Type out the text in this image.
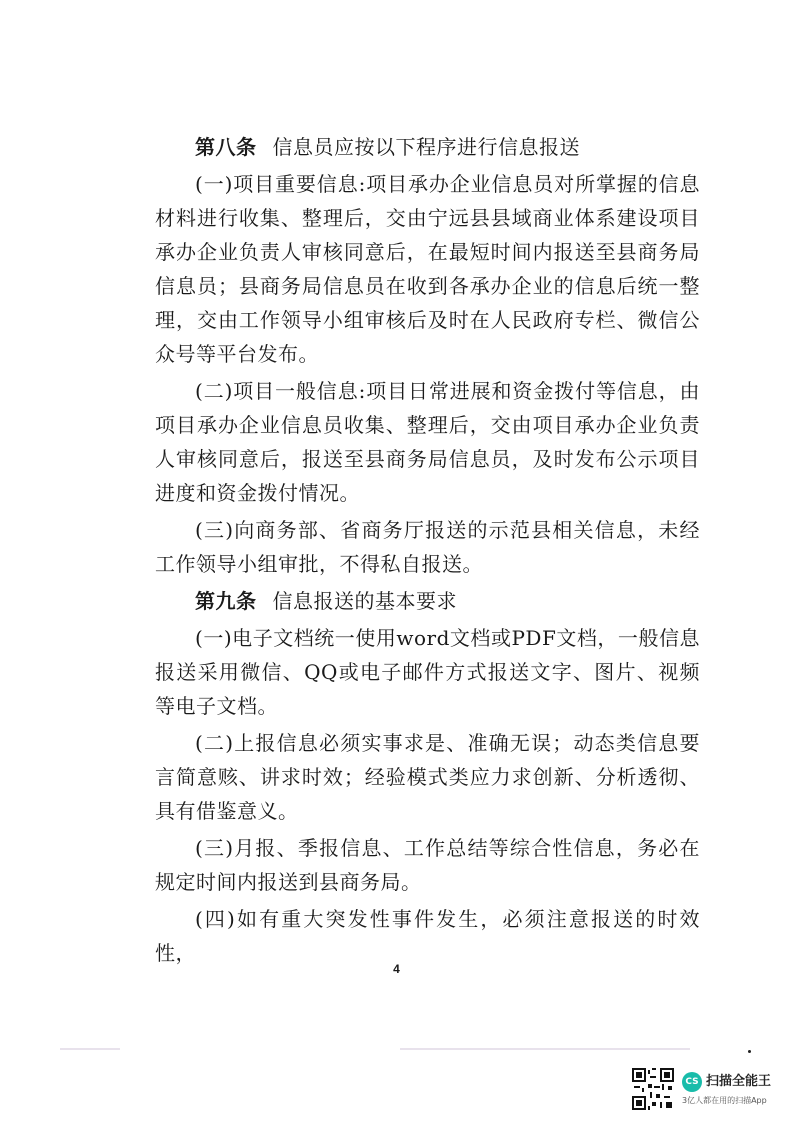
第八条 信息员应按以下程序进行信息报送

(一)项目重要信息:项目承办企业信息员对所掌握的信息材料进行收集、整理后，交由宁远县县域商业体系建设项目承办企业负责人审核同意后，在最短时间内报送至县商务局信息员；县商务局信息员在收到各承办企业的信息后统一整理，交由工作领导小组审核后及时在人民政府专栏、微信公众号等平台发布。

(二)项目一般信息:项目日常进展和资金拨付等信息，由项目承办企业信息员收集、整理后，交由项目承办企业负责人审核同意后，报送至县商务局信息员，及时发布公示项目进度和资金拨付情况。

(三)向商务部、省商务厅报送的示范县相关信息，未经工作领导小组审批，不得私自报送。

第九条 信息报送的基本要求

(一)电子文档统一使用word文档或PDF文档，一般信息报送采用微信、QQ或电子邮件方式报送文字、图片、视频等电子文档。

(二)上报信息必须实事求是、准确无误；动态类信息要言简意赅、讲求时效；经验模式类应力求创新、分析透彻、具有借鉴意义。

(三)月报、季报信息、工作总结等综合性信息，务必在规定时间内报送到县商务局。

(四)如有重大突发性事件发生，必须注意报送的时效性，

4
CS 扫描全能王
3亿人都在用的扫描App
